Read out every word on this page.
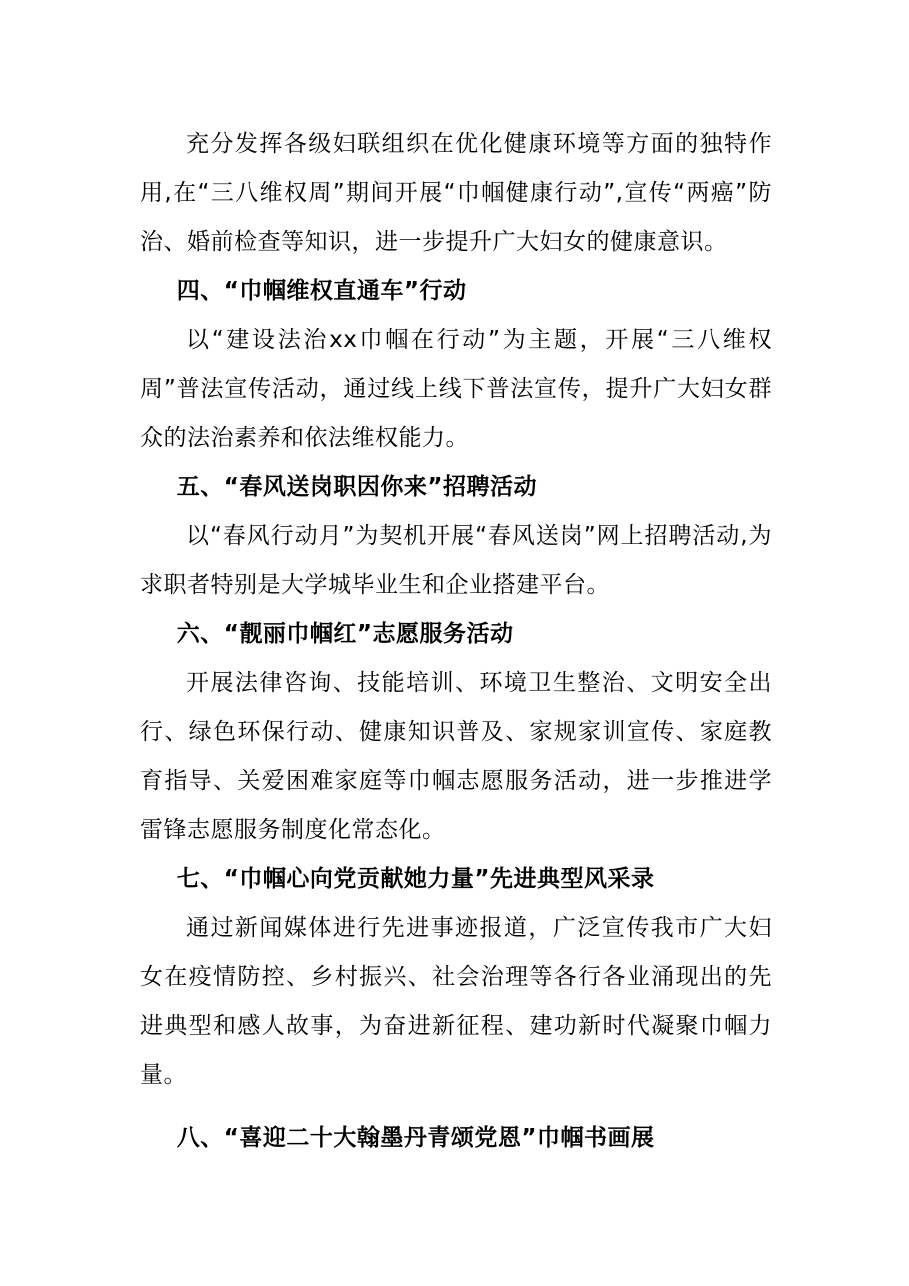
充分发挥各级妇联组织在优化健康环境等方面的独特作用,在“三八维权周”期间开展“巾帼健康行动”,宣传“两癌”防治、婚前检查等知识，进一步提升广大妇女的健康意识。

四、“巾帼维权直通车”行动

以“建设法治xx巾帼在行动”为主题，开展“三八维权周”普法宣传活动，通过线上线下普法宣传，提升广大妇女群众的法治素养和依法维权能力。

五、“春风送岗职因你来”招聘活动

以“春风行动月”为契机开展“春风送岗”网上招聘活动,为求职者特别是大学城毕业生和企业搭建平台。

六、“靓丽巾帼红”志愿服务活动

开展法律咨询、技能培训、环境卫生整治、文明安全出行、绿色环保行动、健康知识普及、家规家训宣传、家庭教育指导、关爱困难家庭等巾帼志愿服务活动，进一步推进学雷锋志愿服务制度化常态化。

七、“巾帼心向党贡献她力量”先进典型风采录

通过新闻媒体进行先进事迹报道，广泛宣传我市广大妇女在疫情防控、乡村振兴、社会治理等各行各业涌现出的先进典型和感人故事，为奋进新征程、建功新时代凝聚巾帼力量。

八、“喜迎二十大翰墨丹青颂党恩”巾帼书画展
